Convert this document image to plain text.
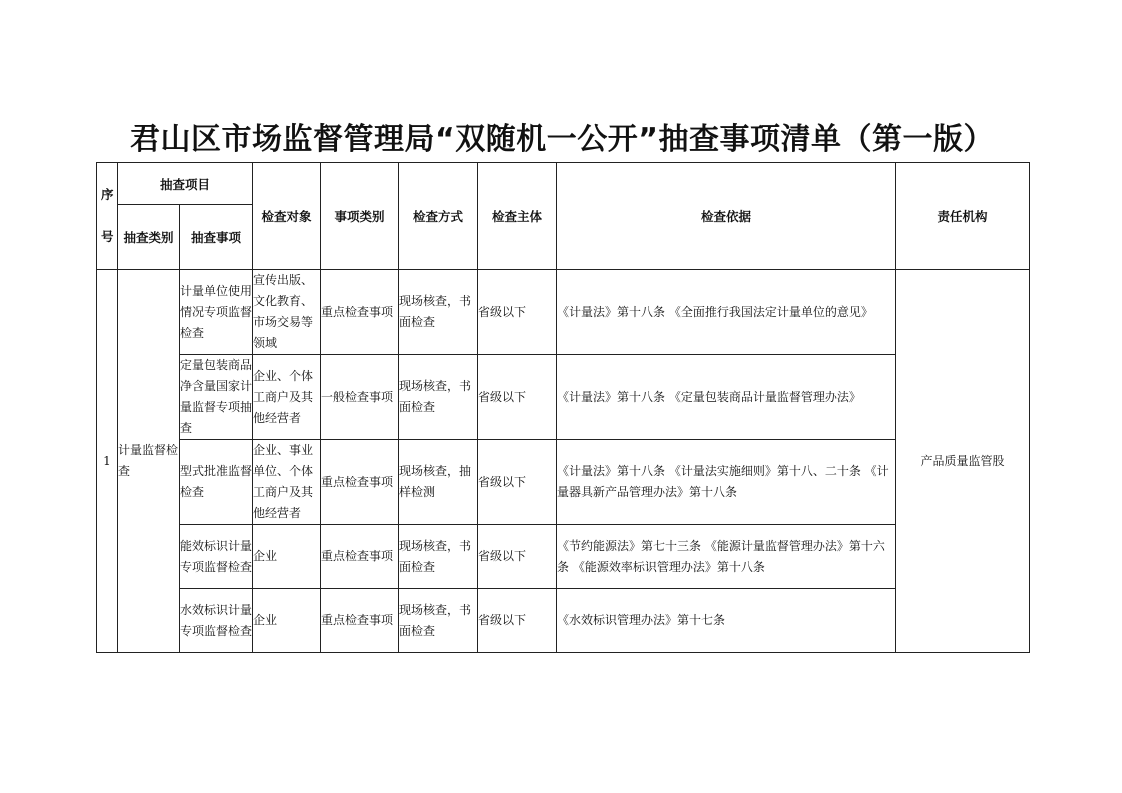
君山区市场监督管理局“双随机一公开”抽查事项清单（第一版）
序号	抽查项目		检查对象	事项类别	检查方式	检查主体	检查依据	责任机构
	抽查类别	抽查事项						
1	计量监督检查	计量单位使用情况专项监督检查	宣传出版、文化教育、市场交易等领域	重点检查事项	现场核查，书面检查	省级以下	《计量法》第十八条 《全面推行我国法定计量单位的意见》	产品质量监管股
		定量包装商品净含量国家计量监督专项抽查	企业、个体工商户及其他经营者	一般检查事项	现场核查，书面检查	省级以下	《计量法》第十八条 《定量包装商品计量监督管理办法》	
		型式批准监督检查	企业、事业单位、个体工商户及其他经营者	重点检查事项	现场核查，抽样检测	省级以下	《计量法》第十八条 《计量法实施细则》第十八、二十条 《计量器具新产品管理办法》第十八条	
		能效标识计量专项监督检查	企业	重点检查事项	现场核查，书面检查	省级以下	《节约能源法》第七十三条 《能源计量监督管理办法》第十六条 《能源效率标识管理办法》第十八条	
		水效标识计量专项监督检查	企业	重点检查事项	现场核查，书面检查	省级以下	《水效标识管理办法》第十七条	
